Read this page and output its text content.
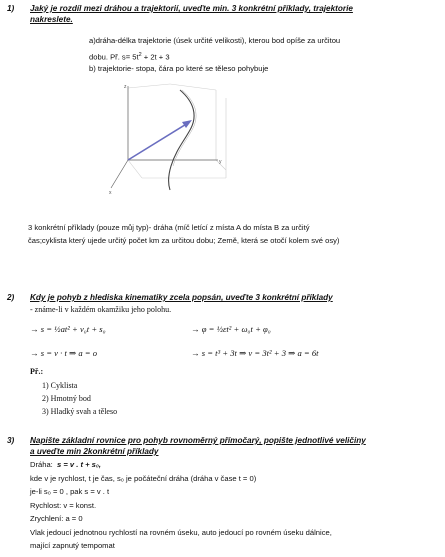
1) Jaký je rozdíl mezi dráhou a trajektorií, uveďte min. 3 konkrétní příklady, trajektorie
nakreslete.
a)dráha-délka trajektorie (úsek určité velikosti), kterou bod opíše za určitou
dobu. Př. $s= 5t^2 + 2t + 3$
b) trajektorie- stopa, čára po které se těleso pohybuje
z
y
x
3 konkrétní příklady (pouze můj typ)- dráha (míč letící z místa A do místa B za určitý
čas;cyklista který ujede určitý počet km za určitou dobu; Země, která se otočí kolem své osy)
2) Kdy je pohyb z hlediska kinematiky zcela popsán, uveďte 3 konkrétní příklady
- známe-li v každém okamžiku jeho polohu.
→ s = ½at² + v₀t + s₀	→ φ = ½εt² + ω₀t + φ₀
→ s = v · t ⇒ a = o	→ s = t³ + 3t ⇒ v = 3t² + 3 ⇒ a = 6t
Př.:
1) Cyklista
2) Hmotný bod
3) Hladký svah a těleso
3) Napište základní rovnice pro pohyb rovnoměrný přímočarý, popište jednotlivé veličiny
a uveďte min 2konkrétní příklady
Dráha: s = v . t + s₀,
kde v je rychlost, t je čas, s₀ je počáteční dráha (dráha v čase t = 0)
je-li s₀ = 0 , pak s = v . t
Rychlost: v = konst.
Zrychlení: a = 0
Vlak jedoucí jednotnou rychlostí na rovném úseku, auto jedoucí po rovném úseku dálnice,
mající zapnutý tempomat
